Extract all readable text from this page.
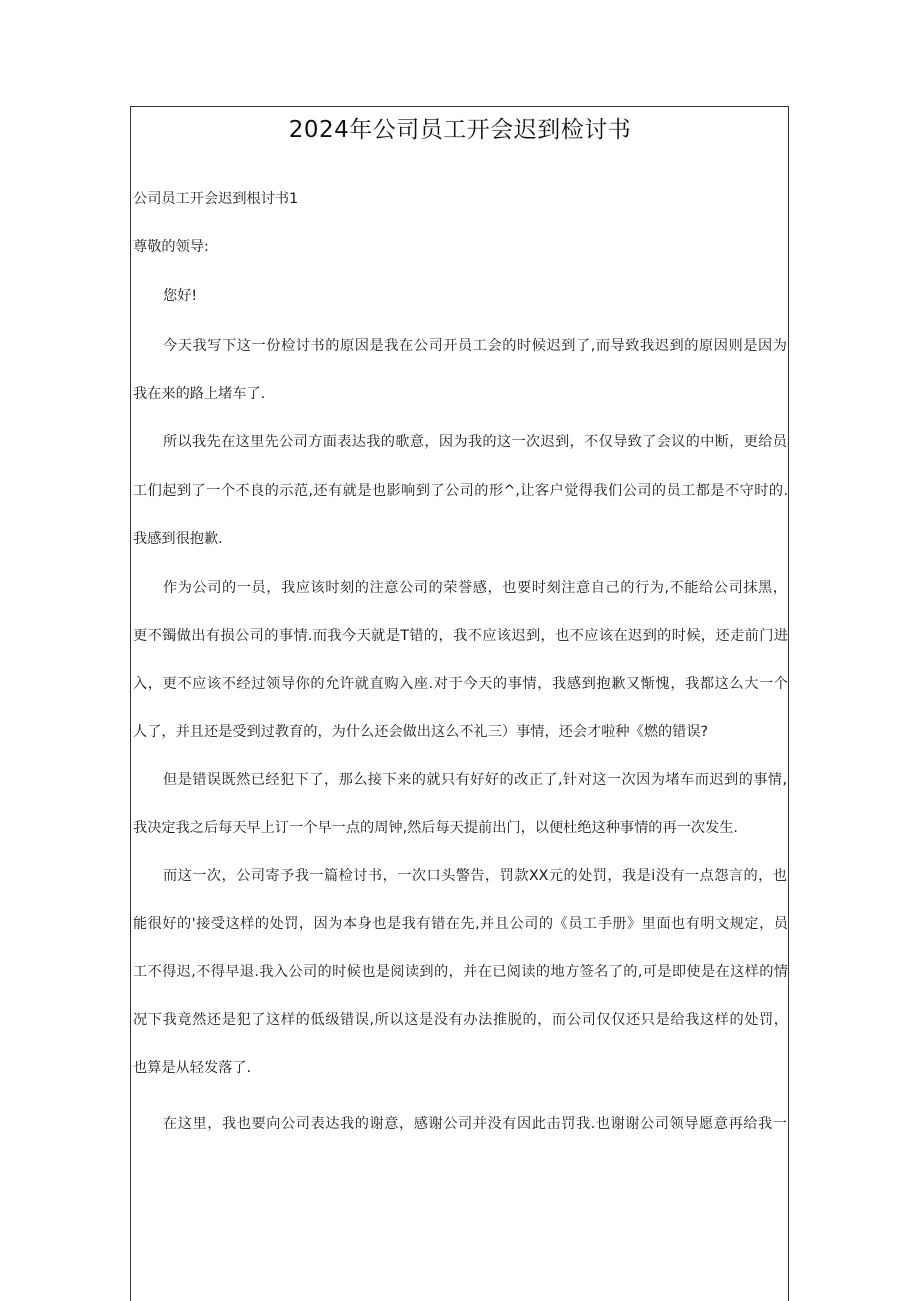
2024年公司员工开会迟到检讨书
公司员工开会迟到根讨书1
尊敬的领导:
您好!
今天我写下这一份检讨书的原因是我在公司开员工会的时候迟到了,而导致我迟到的原因则是因为
我在来的路上堵车了.
所以我先在这里先公司方面表达我的歌意，因为我的这一次迟到，不仅导致了会议的中断，更给员
工们起到了一个不良的示范,还有就是也影响到了公司的形^,让客户觉得我们公司的员工都是不守时的.
我感到很抱歉.
作为公司的一员，我应该时刻的注意公司的荣誉感，也要时刻注意自己的行为,不能给公司抹黑，
更不镯做出有损公司的事情.而我今天就是T错的，我不应该迟到，也不应该在迟到的时候，还走前门进
入，更不应该不经过领导你的允许就直购入座.对于今天的事情，我感到抱歉又惭愧，我都这么大一个
人了，并且还是受到过教育的，为什么还会做出这么不礼三）事情，还会才啦种《燃的错误?
但是错误既然已经犯下了，那么接下来的就只有好好的改正了,针对这一次因为堵车而迟到的事情,
我决定我之后每天早上订一个早一点的周钟,然后每天提前出门，以便杜绝这种事情的再一次发生.
而这一次，公司寄予我一篇检讨书，一次口头警告，罚款XX元的处罚，我是i没有一点怨言的，也
能很好的'接受这样的处罚，因为本身也是我有错在先,并且公司的《员工手册》里面也有明文规定，员
工不得迟,不得早退.我入公司的时候也是阅读到的，并在已阅读的地方签名了的,可是即使是在这样的情
况下我竟然还是犯了这样的低级错误,所以这是没有办法推脱的，而公司仅仅还只是给我这样的处罚，
也算是从轻发落了.
在这里，我也要向公司表达我的谢意，感谢公司并没有因此击罚我.也谢谢公司领导愿意再给我一
